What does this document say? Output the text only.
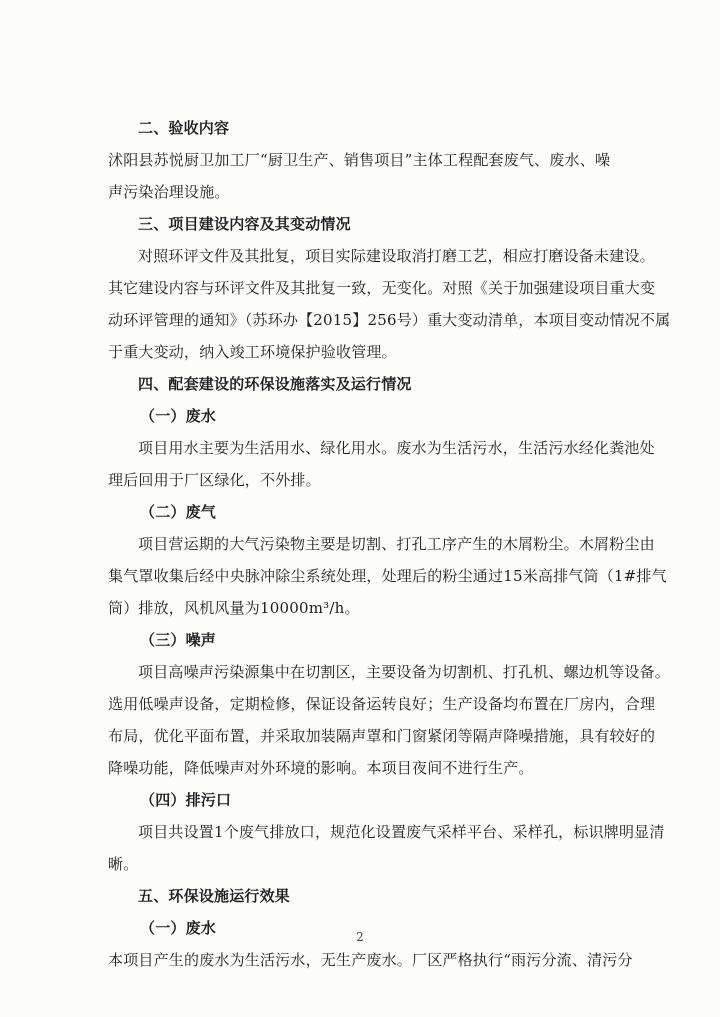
二、验收内容
沭阳县苏悦厨卫加工厂“厨卫生产、销售项目”主体工程配套废气、废水、噪
声污染治理设施。
三、项目建设内容及其变动情况
对照环评文件及其批复，项目实际建设取消打磨工艺，相应打磨设备未建设。
其它建设内容与环评文件及其批复一致，无变化。对照《关于加强建设项目重大变
动环评管理的通知》（苏环办【2015】256号）重大变动清单，本项目变动情况不属
于重大变动，纳入竣工环境保护验收管理。
四、配套建设的环保设施落实及运行情况
（一）废水
项目用水主要为生活用水、绿化用水。废水为生活污水，生活污水经化粪池处
理后回用于厂区绿化，不外排。
（二）废气
项目营运期的大气污染物主要是切割、打孔工序产生的木屑粉尘。木屑粉尘由
集气罩收集后经中央脉冲除尘系统处理，处理后的粉尘通过15米高排气筒（1#排气
筒）排放，风机风量为10000m³/h。
（三）噪声
项目高噪声污染源集中在切割区，主要设备为切割机、打孔机、螺边机等设备。
选用低噪声设备，定期检修，保证设备运转良好；生产设备均布置在厂房内，合理
布局，优化平面布置，并采取加装隔声罩和门窗紧闭等隔声降噪措施，具有较好的
降噪功能，降低噪声对外环境的影响。本项目夜间不进行生产。
（四）排污口
项目共设置1个废气排放口，规范化设置废气采样平台、采样孔，标识牌明显清
晰。
五、环保设施运行效果
（一）废水
本项目产生的废水为生活污水，无生产废水。厂区严格执行“雨污分流、清污分
2
